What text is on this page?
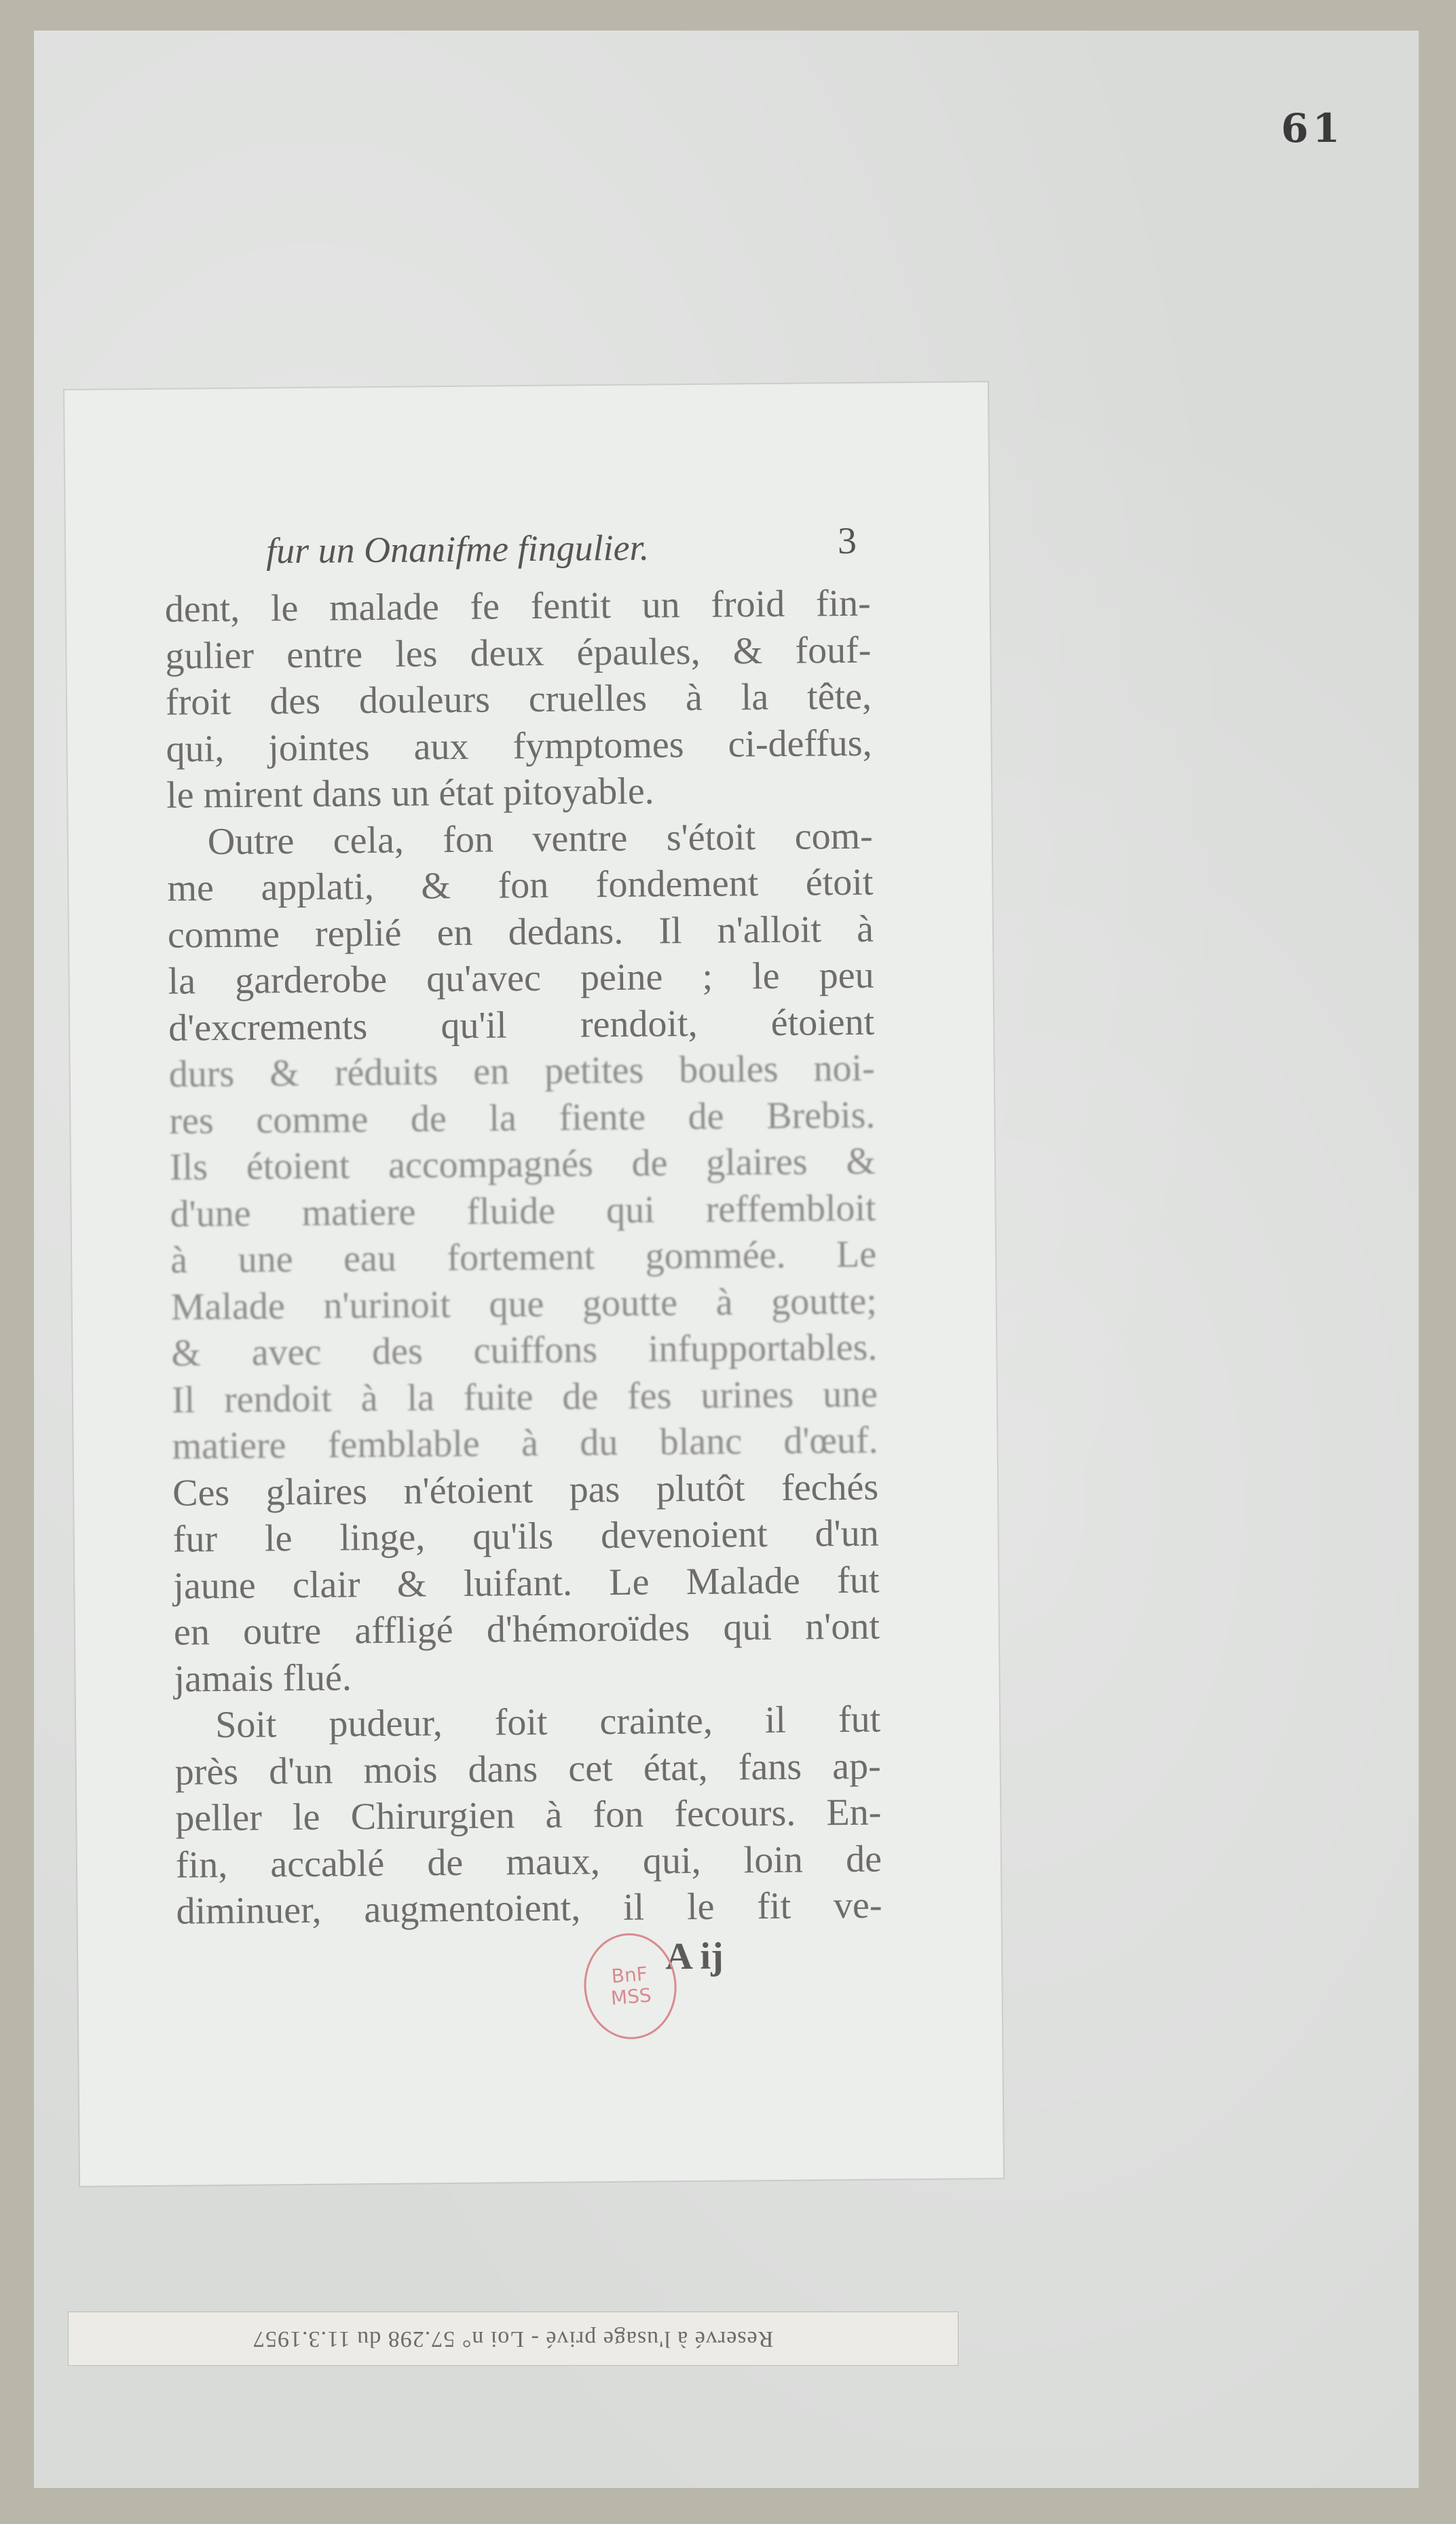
61
fur un Onanifme fingulier.	3
dent, le malade fe fentit un froid fin-
gulier entre les deux épaules, & fouf-
froit des douleurs cruelles à la tête,
qui, jointes aux fymptomes ci-deffus,
le mirent dans un état pitoyable.
Outre cela, fon ventre s'étoit com-
me applati, & fon fondement étoit
comme replié en dedans. Il n'alloit à
la garderobe qu'avec peine ; le peu
d'excrements qu'il rendoit, étoient
durs & réduits en petites boules noi-
res comme de la fiente de Brebis.
Ils étoient accompagnés de glaires &
d'une matiere fluide qui reffembloit
à une eau fortement gommée. Le
Malade n'urinoit que goutte à goutte;
& avec des cuiffons infupportables.
Il rendoit à la fuite de fes urines une
matiere femblable à du blanc d'œuf.
Ces glaires n'étoient pas plutôt fechés
fur le linge, qu'ils devenoient d'un
jaune clair & luifant. Le Malade fut
en outre affligé d'hémoroïdes qui n'ont
jamais flué.
Soit pudeur, foit crainte, il fut
près d'un mois dans cet état, fans ap-
peller le Chirurgien à fon fecours. En-
fin, accablé de maux, qui, loin de
diminuer, augmentoient, il le fit ve-
A ij
BnF
MSS
Reservé à l'usage privé - Loi n° 57.298 du 11.3.1957
